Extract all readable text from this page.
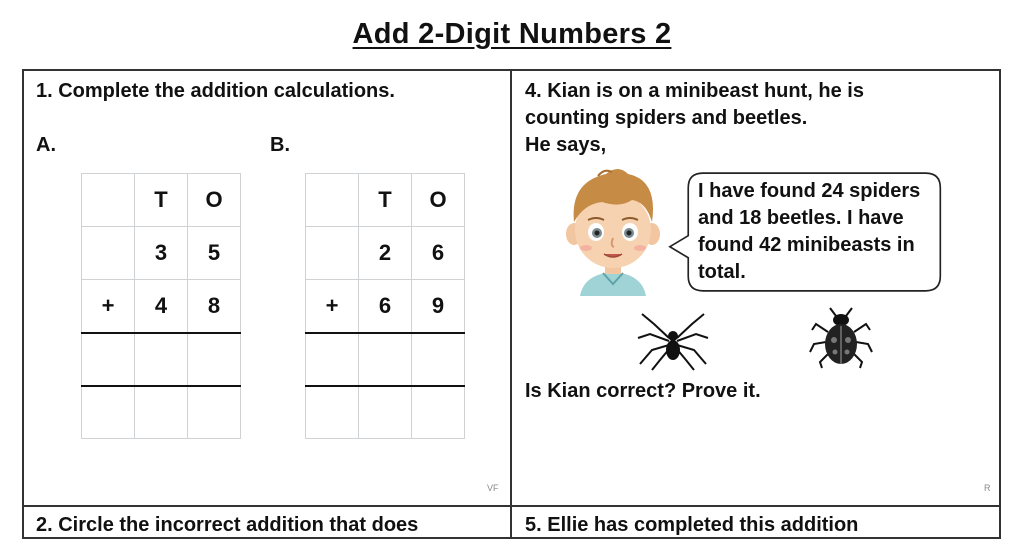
Add 2-Digit Numbers 2
1. Complete the addition calculations.
A.	B.
	T	O
	3	5
+	4	8

	T	O
	2	6
+	6	9

VF
4. Kian is on a minibeast hunt, he is
counting spiders and beetles.
He says,
I have found 24 spiders
and 18 beetles. I have
found 42 minibeasts in
total.
Is Kian correct? Prove it.
R
2. Circle the incorrect addition that does	5. Ellie has completed this addition
